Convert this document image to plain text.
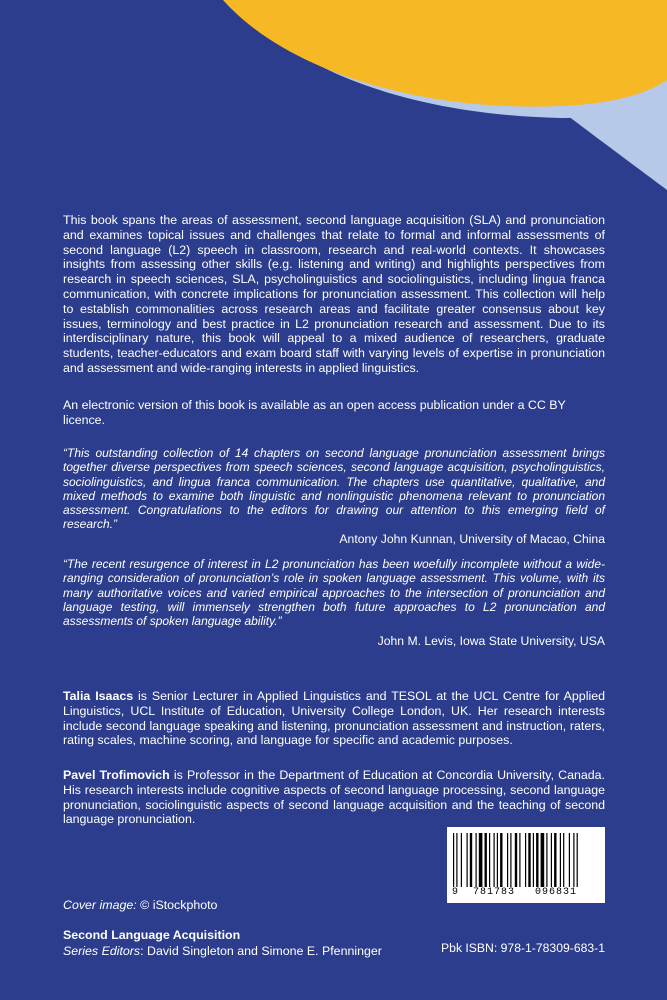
This book spans the areas of assessment, second language acquisition (SLA) and pronunciation and examines topical issues and challenges that relate to formal and informal assessments of second language (L2) speech in classroom, research and real-world contexts. It showcases insights from assessing other skills (e.g. listening and writing) and highlights perspectives from research in speech sciences, SLA, psycholinguistics and sociolinguistics, including lingua franca communication, with concrete implications for pronunciation assessment. This collection will help to establish commonalities across research areas and facilitate greater consensus about key issues, terminology and best practice in L2 pronunciation research and assessment. Due to its interdisciplinary nature, this book will appeal to a mixed audience of researchers, graduate students, teacher-educators and exam board staff with varying levels of expertise in pronunciation and assessment and wide-ranging interests in applied linguistics.

An electronic version of this book is available as an open access publication under a CC BY licence.

“This outstanding collection of 14 chapters on second language pronunciation assessment brings together diverse perspectives from speech sciences, second language acquisition, psycholinguistics, sociolinguistics, and lingua franca communication. The chapters use quantitative, qualitative, and mixed methods to examine both linguistic and nonlinguistic phenomena relevant to pronunciation assessment. Congratulations to the editors for drawing our attention to this emerging field of research.”

Antony John Kunnan, University of Macao, China

“The recent resurgence of interest in L2 pronunciation has been woefully incomplete without a wide-ranging consideration of pronunciation’s role in spoken language assessment. This volume, with its many authoritative voices and varied empirical approaches to the intersection of pronunciation and language testing, will immensely strengthen both future approaches to L2 pronunciation and assessments of spoken language ability.”

John M. Levis, Iowa State University, USA

Talia Isaacs is Senior Lecturer in Applied Linguistics and TESOL at the UCL Centre for Applied Linguistics, UCL Institute of Education, University College London, UK. Her research interests include second language speaking and listening, pronunciation assessment and instruction, raters, rating scales, machine scoring, and language for specific and academic purposes.

Pavel Trofimovich is Professor in the Department of Education at Concordia University, Canada. His research interests include cognitive aspects of second language processing, second language pronunciation, sociolinguistic aspects of second language acquisition and the teaching of second language pronunciation.

9 781783 096831
Cover image: © iStockphoto
Second Language Acquisition
Series Editors: David Singleton and Simone E. Pfenninger	Pbk ISBN: 978-1-78309-683-1
